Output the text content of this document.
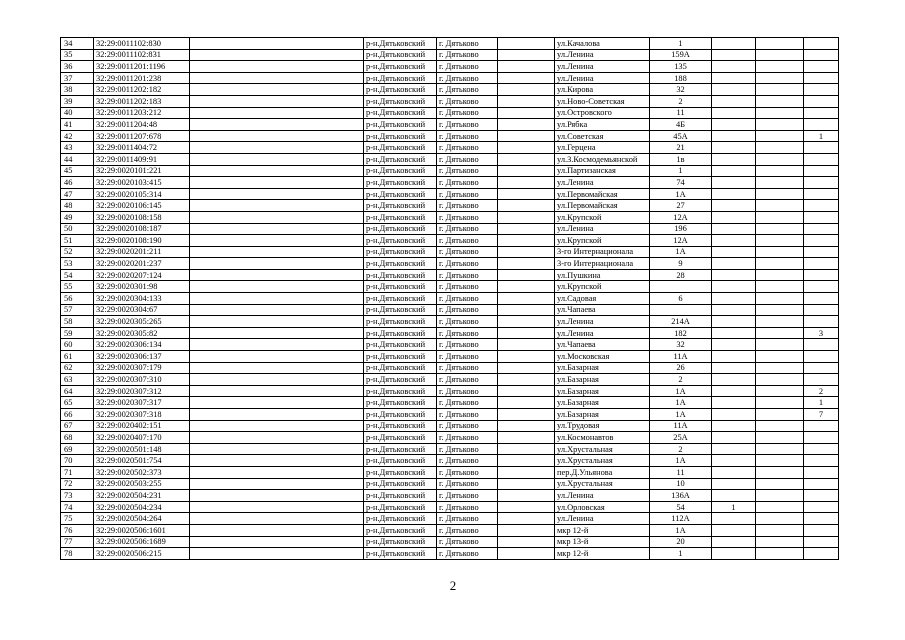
34	32:29:0011102:830		р-н.Дятьковский	г. Дятьково		ул.Качалова	1			
35	32:29:0011102:831		р-н.Дятьковский	г. Дятьково		ул.Ленина	159А			
36	32:29:0011201:1196		р-н.Дятьковский	г. Дятьково		ул.Ленина	135			
37	32:29:0011201:238		р-н.Дятьковский	г. Дятьково		ул.Ленина	188			
38	32:29:0011202:182		р-н.Дятьковский	г. Дятьково		ул.Кирова	32			
39	32:29:0011202:183		р-н.Дятьковский	г. Дятьково		ул.Ново-Советская	2			
40	32:29:0011203:212		р-н.Дятьковский	г. Дятьково		ул.Островского	11			
41	32:29:0011204:48		р-н.Дятьковский	г. Дятьково		ул.Рябка	4Б			
42	32:29:0011207:678		р-н.Дятьковский	г. Дятьково		ул.Советская	45А			1
43	32:29:0011404:72		р-н.Дятьковский	г. Дятьково		ул.Герцена	21			
44	32:29:0011409:91		р-н.Дятьковский	г. Дятьково		ул.З.Космодемьянской	1в			
45	32:29:0020101:221		р-н.Дятьковский	г. Дятьково		ул.Партизанская	1			
46	32:29:0020103:415		р-н.Дятьковский	г. Дятьково		ул.Ленина	74			
47	32:29:0020105:314		р-н.Дятьковский	г. Дятьково		ул.Первомайская	1А			
48	32:29:0020106:145		р-н.Дятьковский	г. Дятьково		ул.Первомайская	27			
49	32:29:0020108:158		р-н.Дятьковский	г. Дятьково		ул.Крупской	12А			
50	32:29:0020108:187		р-н.Дятьковский	г. Дятьково		ул.Ленина	196			
51	32:29:0020108:190		р-н.Дятьковский	г. Дятьково		ул.Крупской	12А			
52	32:29:0020201:211		р-н.Дятьковский	г. Дятьково		3-го Интернационала	1А			
53	32:29:0020201:237		р-н.Дятьковский	г. Дятьково		3-го Интернационала	9			
54	32:29:0020207:124		р-н.Дятьковский	г. Дятьково		ул.Пушкина	28			
55	32:29:0020301:98		р-н.Дятьковский	г. Дятьково		ул.Крупской				
56	32:29:0020304:133		р-н.Дятьковский	г. Дятьково		ул.Садовая	6			
57	32:29:0020304:67		р-н.Дятьковский	г. Дятьково		ул.Чапаева				
58	32:29:0020305:265		р-н.Дятьковский	г. Дятьково		ул.Ленина	214А			
59	32:29:0020305:82		р-н.Дятьковский	г. Дятьково		ул.Ленина	182			3
60	32:29:0020306:134		р-н.Дятьковский	г. Дятьково		ул.Чапаева	32			
61	32:29:0020306:137		р-н.Дятьковский	г. Дятьково		ул.Московская	11А			
62	32:29:0020307:179		р-н.Дятьковский	г. Дятьково		ул.Базарная	26			
63	32:29:0020307:310		р-н.Дятьковский	г. Дятьково		ул.Базарная	2			
64	32:29:0020307:312		р-н.Дятьковский	г. Дятьково		ул.Базарная	1А			2
65	32:29:0020307:317		р-н.Дятьковский	г. Дятьково		ул.Базарная	1А			1
66	32:29:0020307:318		р-н.Дятьковский	г. Дятьково		ул.Базарная	1А			7
67	32:29:0020402:151		р-н.Дятьковский	г. Дятьково		ул.Трудовая	11А			
68	32:29:0020407:170		р-н.Дятьковский	г. Дятьково		ул.Космонавтов	25А			
69	32:29:0020501:148		р-н.Дятьковский	г. Дятьково		ул.Хрустальная	2			
70	32:29:0020501:754		р-н.Дятьковский	г. Дятьково		ул.Хрустальная	1А			
71	32:29:0020502:373		р-н.Дятьковский	г. Дятьково		пер.Д.Ульянова	11			
72	32:29:0020503:255		р-н.Дятьковский	г. Дятьково		ул.Хрустальная	10			
73	32:29:0020504:231		р-н.Дятьковский	г. Дятьково		ул.Ленина	136А			
74	32:29:0020504:234		р-н.Дятьковский	г. Дятьково		ул.Орловская	54	1		
75	32:29:0020504:264		р-н.Дятьковский	г. Дятьково		ул.Ленина	112А			
76	32:29:0020506:1601		р-н.Дятьковский	г. Дятьково		мкр 12-й	1А			
77	32:29:0020506:1689		р-н.Дятьковский	г. Дятьково		мкр 13-й	20			
78	32:29:0020506:215		р-н.Дятьковский	г. Дятьково		мкр 12-й	1			
2
